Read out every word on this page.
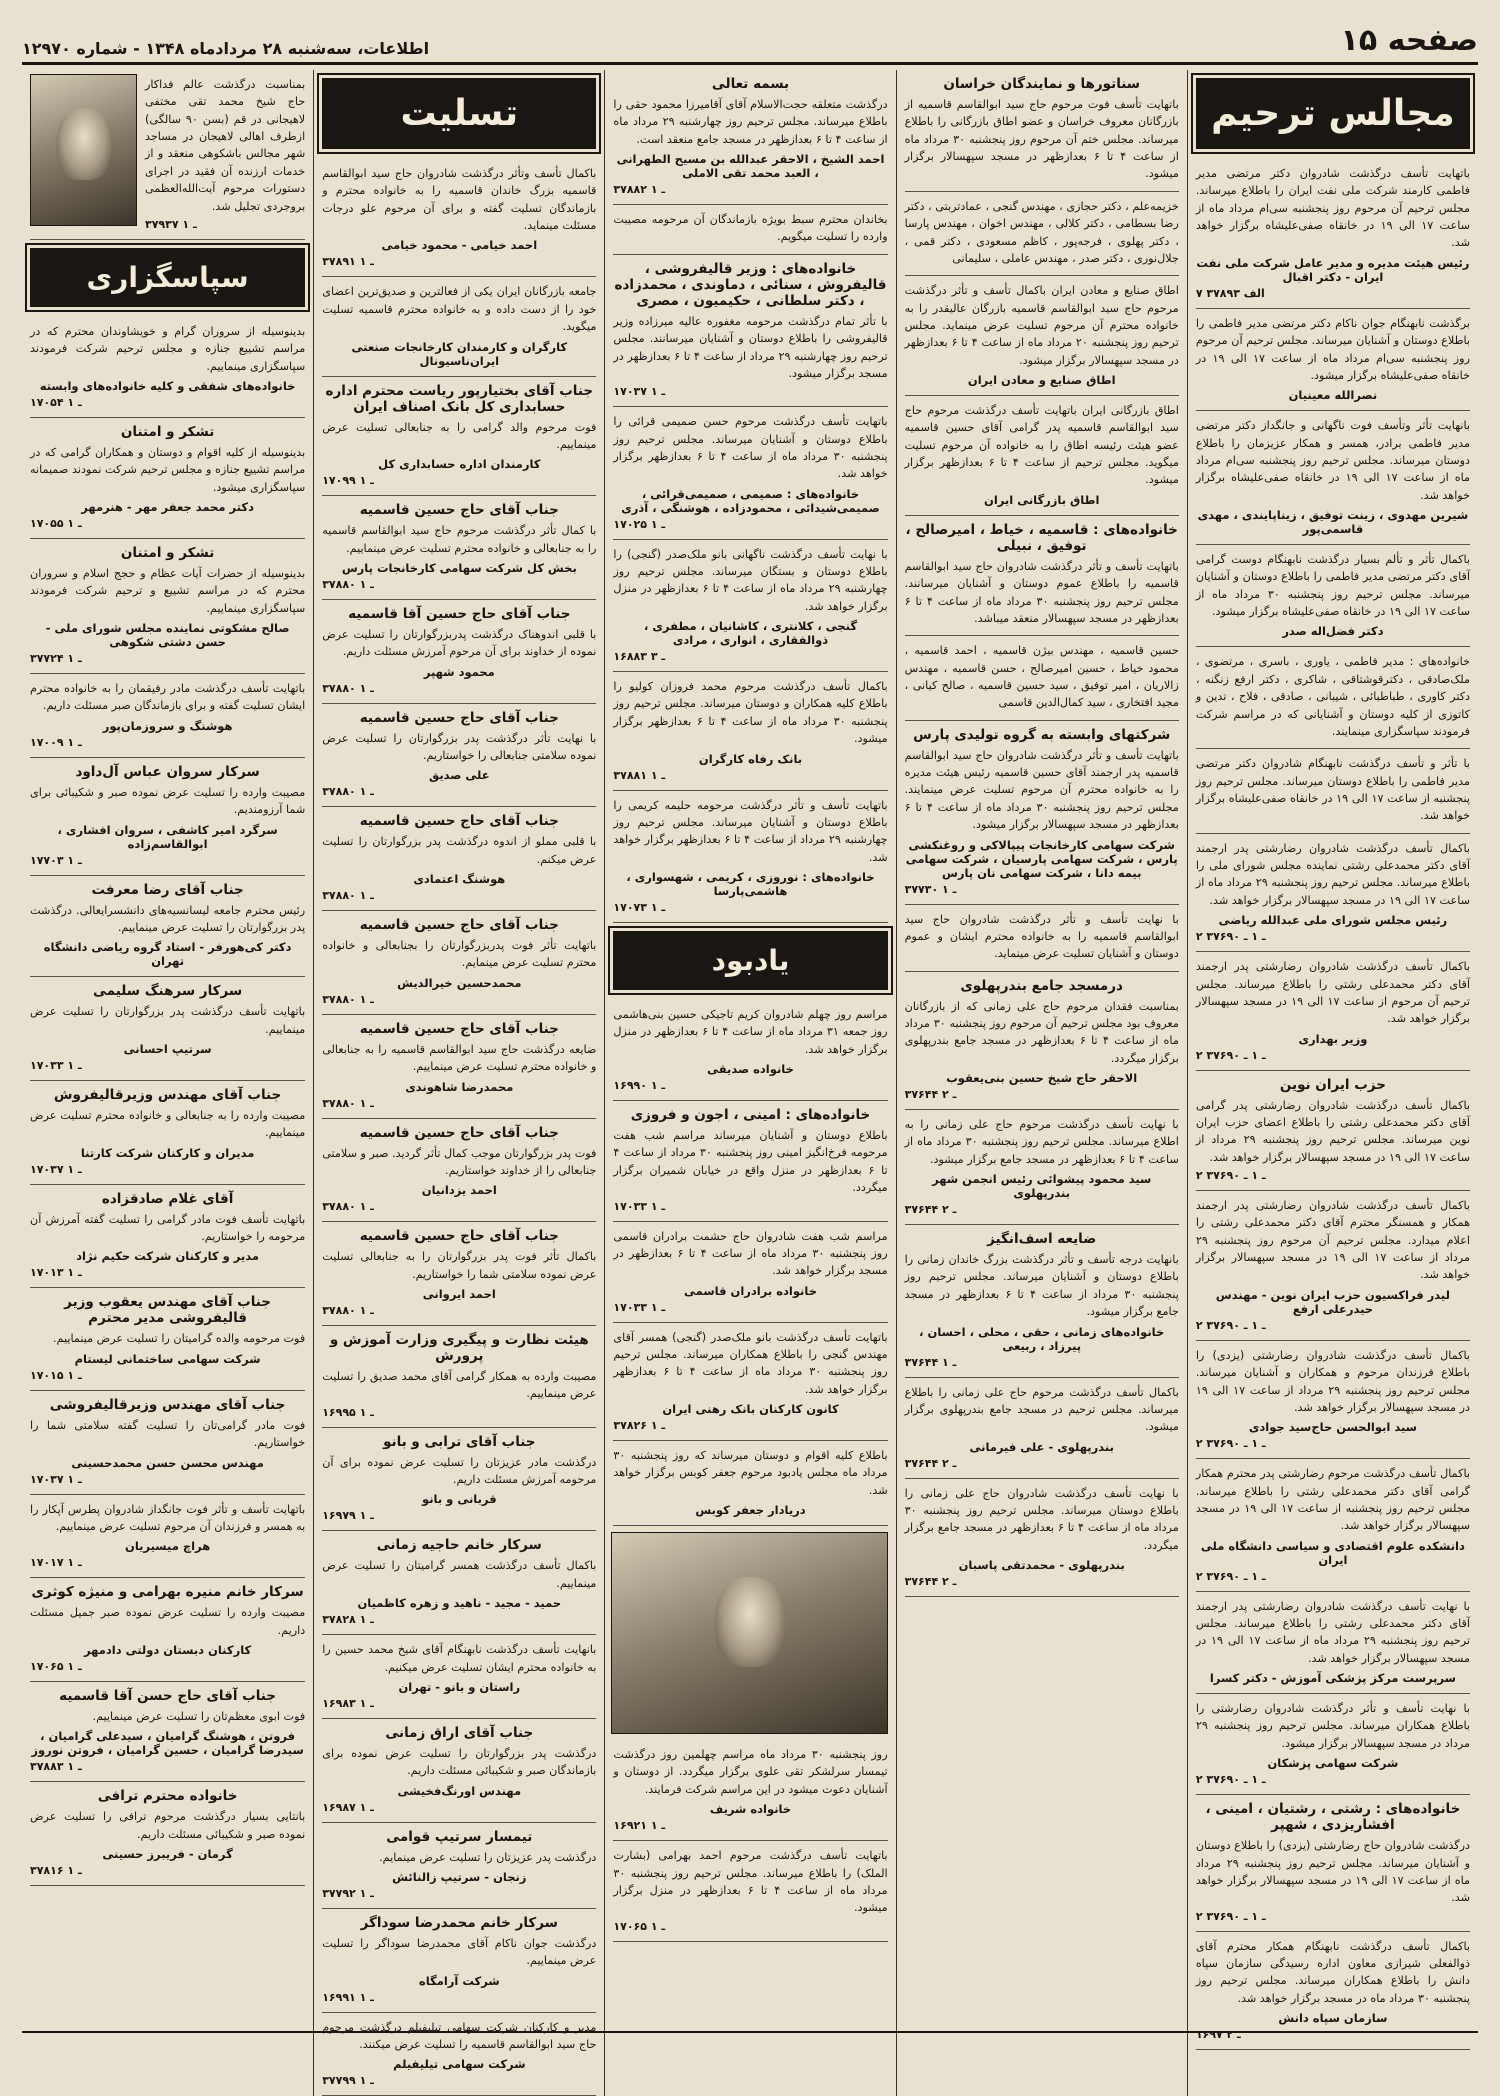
صفحه ۱۵
اطلاعات، سه‌شنبه ۲۸ مردادماه ۱۳۴۸ - شماره ۱۲۹۷۰
مجالس ترحیم

باتهایت تأسف درگذشت شادروان دکتر مرتضی مدیر فاطمی کارمند شرکت ملی نفت ایران را باطلاع میرساند. مجلس ترحیم آن مرحوم روز پنجشنبه سی‌ام مرداد ماه از ساعت ۱۷ الی ۱۹ در خانقاه صفی‌علیشاه برگزار خواهد شد.

رئیس هیئت مدیره و مدیر عامل شرکت ملی نفت ایران - دکتر اقبال
۷ الف ۳۷۸۹۳

برگذشت نابهنگام جوان ناکام دکتر مرتضی مدیر فاطمی را باطلاع دوستان و آشنایان میرساند. مجلس ترحیم آن مرحوم روز پنجشنبه سی‌ام مرداد ماه از ساعت ۱۷ الی ۱۹ در خانقاه صفی‌علیشاه برگزار میشود.

نصرالله معینیان

بانهایت تأثر وتأسف فوت ناگهانی و جانگداز دکتر مرتضی مدیر فاطمی برادر، همسر و همکار عزیزمان را باطلاع دوستان میرساند. مجلس ترحیم روز پنجشنبه سی‌ام مرداد ماه از ساعت ۱۷ الی ۱۹ در خانقاه صفی‌علیشاه برگزار خواهد شد.

شیرین مهدوی ، زینت توفیق ، زیناپایندی ، مهدی قاسمی‌پور

باکمال تأثر و تألم بسیار درگذشت نابهنگام دوست گرامی آقای دکتر مرتضی مدیر فاطمی را باطلاع دوستان و آشنایان میرساند. مجلس ترحیم روز پنجشنبه ۳۰ مرداد ماه از ساعت ۱۷ الی ۱۹ در خانقاه صفی‌علیشاه برگزار میشود.

دکتر فضل‌اله صدر

خانواده‌های : مدیر فاطمی ، یاوری ، باسری ، مرتضوی ، ملک‌صادقی ، دکترقوشتاقی ، شاکری ، دکتر ارفع زنگنه ، دکتر کاوری ، طباطبائی ، شیبانی ، صادقی ، فلاح ، تدین و کاتوزی از کلیه دوستان و آشنایانی که در مراسم شرکت فرمودند سپاسگزاری مینمایند.

با تأثر و تأسف درگذشت نابهنگام شادروان دکتر مرتضی مدیر فاطمی را باطلاع دوستان میرساند. مجلس ترحیم روز پنجشنبه از ساعت ۱۷ الی ۱۹ در خانقاه صفی‌علیشاه برگزار خواهد شد.

باکمال تأسف درگذشت شادروان رضارشتی پدر ارجمند آقای دکتر محمدعلی رشتی نماینده مجلس شورای ملی را باطلاع میرساند. مجلس ترحیم روز پنجشنبه ۲۹ مرداد ماه از ساعت ۱۷ الی ۱۹ در مسجد سپهسالار برگزار خواهد شد.

رئیس مجلس شورای ملی عبدالله ریاضی
۲ ـ ۱ ـ ۳۷۶۹۰

باکمال تأسف درگذشت شادروان رضارشتی پدر ارجمند آقای دکتر محمدعلی رشتی را باطلاع میرساند. مجلس ترحیم آن مرحوم از ساعت ۱۷ الی ۱۹ در مسجد سپهسالار برگزار خواهد شد.

وزیر بهداری
۲ ـ ۱ ـ ۳۷۶۹۰
حزب ایران نوین

باکمال تأسف درگذشت شادروان رضارشتی پدر گرامی آقای دکتر محمدعلی رشتی را باطلاع اعضای حزب ایران نوین میرساند. مجلس ترحیم روز پنجشنبه ۲۹ مرداد از ساعت ۱۷ الی ۱۹ در مسجد سپهسالار برگزار خواهد شد.

۲ ـ ۱ ـ ۳۷۶۹۰

باکمال تأسف درگذشت شادروان رضارشتی پدر ارجمند همکار و همسنگر محترم آقای دکتر محمدعلی رشتی را اعلام میدارد. مجلس ترحیم آن مرحوم روز پنجشنبه ۲۹ مرداد از ساعت ۱۷ الی ۱۹ در مسجد سپهسالار برگزار خواهد شد.

لیدر فراکسیون حزب ایران نوین - مهندس حیدرعلی ارفع
۲ ـ ۱ ـ ۳۷۶۹۰

باکمال تأسف درگذشت شادروان رضارشتی (یزدی) را باطلاع فرزندان مرحوم و همکاران و آشنایان میرساند. مجلس ترحیم روز پنجشنبه ۲۹ مرداد از ساعت ۱۷ الی ۱۹ در مسجد سپهسالار برگزار خواهد شد.

سید ابوالحسن حاج‌سید جوادی
۲ ـ ۱ ـ ۳۷۶۹۰

باکمال تأسف درگذشت مرحوم رضارشتی پدر محترم همکار گرامی آقای دکتر محمدعلی رشتی را باطلاع میرساند. مجلس ترحیم روز پنجشنبه از ساعت ۱۷ الی ۱۹ در مسجد سپهسالار برگزار خواهد شد.

دانشکده علوم اقتصادی و سیاسی دانشگاه ملی ایران
۲ ـ ۱ ـ ۳۷۶۹۰

با نهایت تأسف درگذشت شادروان رضارشتی پدر ارجمند آقای دکتر محمدعلی رشتی را باطلاع میرساند. مجلس ترحیم روز پنجشنبه ۲۹ مرداد ماه از ساعت ۱۷ الی ۱۹ در مسجد سپهسالار برگزار خواهد شد.

سرپرست مرکز پزشکی آموزش - دکتر کسرا

با نهایت تأسف و تأثر درگذشت شادروان رضارشتی را باطلاع همکاران میرساند. مجلس ترحیم روز پنجشنبه ۲۹ مرداد در مسجد سپهسالار برگزار میشود.

شرکت سهامی پزشکان
۲ ـ ۱ ـ ۳۷۶۹۰
خانواده‌های : رشتی ، رشتیان ، امینی ، افشاریزدی ، شهپر

درگذشت شادروان حاج رضارشتی (یزدی) را باطلاع دوستان و آشنایان میرساند. مجلس ترحیم روز پنجشنبه ۲۹ مرداد ماه از ساعت ۱۷ الی ۱۹ در مسجد سپهسالار برگزار خواهد شد.

۲ ـ ۱ ـ ۳۷۶۹۰

باکمال تأسف درگذشت نابهنگام همکار محترم آقای ذوالفعلی شیرازی معاون اداره رسیدگی سازمان سپاه دانش را باطلاع همکاران میرساند. مجلس ترحیم روز پنجشنبه ۳۰ مرداد ماه در مسجد برگزار خواهد شد.

سازمان سپاه دانش
۱۶۹۷ ـ ۲
سناتورها و نمایندگان خراسان

باتهایت تأسف فوت مرحوم حاج سید ابوالقاسم قاسمیه از بازرگانان معروف خراسان و عضو اطاق بازرگانی را باطلاع میرساند. مجلس ختم آن مرحوم روز پنجشنبه ۳۰ مرداد ماه از ساعت ۴ تا ۶ بعدازظهر در مسجد سپهسالار برگزار میشود.

خزیمه‌علم ، دکتر حجازی ، مهندس گنجی ، عمادتربتی ، دکتر رضا بسطامی ، دکتر کلالی ، مهندس اخوان ، مهندس پارسا ، دکتر پهلوی ، فرجه‌پور ، کاظم مسعودی ، دکتر قمی ، جلال‌نوری ، دکتر صدر ، مهندس عاملی ، سلیمانی

اطاق صنایع و معادن ایران باکمال تأسف و تأثر درگذشت مرحوم حاج سید ابوالقاسم قاسمیه بازرگان عالیقدر را به خانواده محترم آن مرحوم تسلیت عرض مینماید. مجلس ترحیم روز پنجشنبه ۲۰ مرداد ماه از ساعت ۴ تا ۶ بعدازظهر در مسجد سپهسالار برگزار میشود.

اطاق صنایع و معادن ایران

اطاق بازرگانی ایران باتهایت تأسف درگذشت مرحوم حاج سید ابوالقاسم قاسمیه پدر گرامی آقای حسین قاسمیه عضو هیئت رئیسه اطاق را به خانواده آن مرحوم تسلیت میگوید. مجلس ترحیم از ساعت ۴ تا ۶ بعدازظهر برگزار میشود.

اطاق بازرگانی ایران
خانواده‌های : قاسمیه ، خیاط ، امیرصالح ، توفیق ، نبیلی

باتهایت تأسف و تأثر درگذشت شادروان حاج سید ابوالقاسم قاسمیه را باطلاع عموم دوستان و آشنایان میرسانند. مجلس ترحیم روز پنجشنبه ۳۰ مرداد ماه از ساعت ۴ تا ۶ بعدازظهر در مسجد سپهسالار منعقد میباشد.

حسین قاسمیه ، مهندس بیژن قاسمیه ، احمد قاسمیه ، محمود خیاط ، حسین امیرصالح ، حسن قاسمیه ، مهندس زالاریان ، امیر توفیق ، سید حسین قاسمیه ، صالح کیانی ، مجید افتخاری ، سید کمال‌الدین قاسمی

شرکتهای وابسته به گروه تولیدی پارس

باتهایت تأسف و تأثر درگذشت شادروان حاج سید ابوالقاسم قاسمیه پدر ارجمند آقای حسین قاسمیه رئیس هیئت مدیره را به خانواده محترم آن مرحوم تسلیت عرض مینمایند. مجلس ترحیم روز پنجشنبه ۳۰ مرداد ماه از ساعت ۴ تا ۶ بعدازظهر در مسجد سپهسالار برگزار میشود.

شرکت سهامی کارخانجات پیپالاکی و روغنکشی پارس ، شرکت سهامی پارسیان ، شرکت سهامی بیمه دانا ، شرکت سهامی نان پارس
۳۷۷۳۰ ـ ۱

با نهایت تأسف و تأثر درگذشت شادروان حاج سید ابوالقاسم قاسمیه را به خانواده محترم ایشان و عموم دوستان و آشنایان تسلیت عرض مینماید.

درمسجد جامع بندرپهلوی

بمناسبت فقدان مرحوم حاج علی زمانی که از بازرگانان معروف بود مجلس ترحیم آن مرحوم روز پنجشنبه ۳۰ مرداد ماه از ساعت ۴ تا ۶ بعدازظهر در مسجد جامع بندرپهلوی برگزار میگردد.

الاحقر حاج شیخ حسین بنی‌یعقوب
۳۷۶۴۴ ـ ۲

با نهایت تأسف درگذشت مرحوم حاج علی زمانی را به اطلاع میرساند. مجلس ترحیم روز پنجشنبه ۳۰ مرداد ماه از ساعت ۴ تا ۶ بعدازظهر در مسجد جامع برگزار میشود.

سید محمود پیشوائی رئیس انجمن شهر بندرپهلوی
۳۷۶۴۴ ـ ۲
ضایعه اسف‌انگیز

بانهایت درجه تأسف و تأثر درگذشت بزرگ خاندان زمانی را باطلاع دوستان و آشنایان میرساند. مجلس ترحیم روز پنجشنبه ۳۰ مرداد از ساعت ۴ تا ۶ بعدازظهر در مسجد جامع برگزار میشود.

خانواده‌های زمانی ، حقی ، محلی ، احسان ، پیرزاد ، ربیعی
۳۷۶۴۴ ـ ۱

باکمال تأسف درگذشت مرحوم حاج علی زمانی را باطلاع میرساند. مجلس ترحیم در مسجد جامع بندرپهلوی برگزار میشود.

بندرپهلوی - علی فیرمانی
۳۷۶۴۴ ـ ۲

با نهایت تأسف درگذشت شادروان حاج علی زمانی را باطلاع دوستان میرساند. مجلس ترحیم روز پنجشنبه ۳۰ مرداد ماه از ساعت ۴ تا ۶ بعدازظهر در مسجد جامع برگزار میگردد.

بندرپهلوی - محمدتقی پاسبان
۳۷۶۴۴ ـ ۲
بسمه تعالی

درگذشت متعلقه حجت‌الاسلام آقای آقامیرزا محمود حقی را باطلاع میرساند. مجلس ترحیم روز چهارشنبه ۲۹ مرداد ماه از ساعت ۴ تا ۶ بعدازظهر در مسجد جامع منعقد است.

احمد الشیخ ، الاحقر عبدالله بن مسیح الطهرانی ، العبد محمد تقی الاملی
۳۷۸۸۲ ـ ۱

بخاندان محترم سبط بویژه بازماندگان آن مرحومه مصیبت وارده را تسلیت میگویم.

خانواده‌های : وزیر قالیفروشی ، قالیفروش ، سنائی ، دماوندی ، محمدزاده ، دکتر سلطانی ، حکیمیون ، مصری

با تأثر تمام درگذشت مرحومه مغفوره عالیه میرزاده وزیر قالیفروشی را باطلاع دوستان و آشنایان میرسانند. مجلس ترحیم روز چهارشنبه ۲۹ مرداد از ساعت ۴ تا ۶ بعدازظهر در مسجد برگزار میشود.

۱۷۰۳۷ ـ ۱

باتهایت تأسف درگذشت مرحوم حسن صمیمی قرائی را باطلاع دوستان و آشنایان میرساند. مجلس ترحیم روز پنجشنبه ۳۰ مرداد ماه از ساعت ۴ تا ۶ بعدازظهر برگزار خواهد شد.

خانواده‌های : صمیمی ، صمیمی‌قرائی ، صمیمی‌شیدائی ، محمودزاده ، هوشنگی ، آذری
۱۷۰۲۵ ـ ۱

با نهایت تأسف درگذشت ناگهانی بانو ملک‌صدر (گنجی) را باطلاع دوستان و بستگان میرساند. مجلس ترحیم روز چهارشنبه ۲۹ مرداد ماه از ساعت ۴ تا ۶ بعدازظهر در منزل برگزار خواهد شد.

گنجی ، کلانتری ، کاشانیان ، مطفری ، ذوالفقاری ، انواری ، مرادی
۱۶۸۸۳ ـ ۳

باکمال تأسف درگذشت مرحوم محمد فروزان کولیو را باطلاع کلیه همکاران و دوستان میرساند. مجلس ترحیم روز پنجشنبه ۳۰ مرداد ماه از ساعت ۴ تا ۶ بعدازظهر برگزار میشود.

بانک رفاه کارگران
۳۷۸۸۱ ـ ۱

باتهایت تأسف و تأثر درگذشت مرحومه حلیمه کریمی را باطلاع دوستان و آشنایان میرساند. مجلس ترحیم روز چهارشنبه ۲۹ مرداد از ساعت ۴ تا ۶ بعدازظهر برگزار خواهد شد.

خانواده‌های : نوروزی ، کریمی ، شهسواری ، هاشمی‌پارسا
۱۷۰۷۳ ـ ۱
یادبود

مراسم روز چهلم شادروان کریم تاجیکی حسین بنی‌هاشمی روز جمعه ۳۱ مرداد ماه از ساعت ۴ تا ۶ بعدازظهر در منزل برگزار خواهد شد.

خانواده صدیقی
۱۶۹۹۰ ـ ۱
خانواده‌های : امینی ، اجون و فروزی

باطلاع دوستان و آشنایان میرساند مراسم شب هفت مرحومه فرخ‌انگیز امینی روز پنجشنبه ۳۰ مرداد از ساعت ۴ تا ۶ بعدازظهر در منزل واقع در خیابان شمیران برگزار میگردد.

۱۷۰۳۳ ـ ۱

مراسم شب هفت شادروان حاج حشمت برادران قاسمی روز پنجشنبه ۳۰ مرداد ماه از ساعت ۴ تا ۶ بعدازظهر در مسجد برگزار خواهد شد.

خانواده برادران قاسمی
۱۷۰۳۳ ـ ۱

باتهایت تأسف درگذشت بانو ملک‌صدر (گنجی) همسر آقای مهندس گنجی را باطلاع همکاران میرساند. مجلس ترحیم روز پنجشنبه ۳۰ مرداد ماه از ساعت ۴ تا ۶ بعدازظهر برگزار خواهد شد.

کانون کارکنان بانک رهنی ایران
۳۷۸۲۶ ـ ۱

باطلاع کلیه اقوام و دوستان میرساند که روز پنجشنبه ۳۰ مرداد ماه مجلس یادبود مرحوم جعفر کوبس برگزار خواهد شد.

دریادار جعفر کوبس

روز پنجشنبه ۳۰ مرداد ماه مراسم چهلمین روز درگذشت تیمسار سرلشکر تقی علوی برگزار میگردد. از دوستان و آشنایان دعوت میشود در این مراسم شرکت فرمایند.

خانواده شریف
۱۶۹۲۱ ـ ۱

باتهایت تأسف درگذشت مرحوم احمد بهرامی (بشارت الملک) را باطلاع میرساند. مجلس ترحیم روز پنجشنبه ۳۰ مرداد ماه از ساعت ۴ تا ۶ بعدازظهر در منزل برگزار میشود.

۱۷۰۶۵ ـ ۱
تسلیت

باکمال تأسف وتأثر درگذشت شادروان حاج سید ابوالقاسم قاسمیه بزرگ خاندان قاسمیه را به خانواده محترم و بازماندگان تسلیت گفته و برای آن مرحوم علو درجات مسئلت مینماید.

احمد خیامی - محمود خیامی
۳۷۸۹۱ ـ ۱

جامعه بازرگانان ایران یکی از فعالترین و صدیق‌ترین اعضای خود را از دست داده و به خانواده محترم قاسمیه تسلیت میگوید.

کارگران و کارمندان کارخانجات صنعتی ایران‌ناسیونال
جناب آقای بختیارپور ریاست محترم اداره حسابداری کل بانک اصناف ایران

فوت مرحوم والد گرامی را به جنابعالی تسلیت عرض مینماییم.

کارمندان اداره حسابداری کل
۱۷۰۹۹ ـ ۱
جناب آقای حاج حسین قاسمیه

با کمال تأثر درگذشت مرحوم حاج سید ابوالقاسم قاسمیه را به جنابعالی و خانواده محترم تسلیت عرض مینماییم.

بخش کل شرکت سهامی کارخانجات پارس
۳۷۸۸۰ ـ ۱
جناب آقای حاج حسین آقا قاسمیه

با قلبی اندوهناک درگذشت پدربزرگوارتان را تسلیت عرض نموده از خداوند برای آن مرحوم آمرزش مسئلت داریم.

محمود شهپر
۳۷۸۸۰ ـ ۱
جناب آقای حاج حسین قاسمیه

با نهایت تأثر درگذشت پدر بزرگوارتان را تسلیت عرض نموده سلامتی جنابعالی را خواستاریم.

علی صدیق
۳۷۸۸۰ ـ ۱
جناب آقای حاج حسین قاسمیه

با قلبی مملو از اندوه درگذشت پدر بزرگوارتان را تسلیت عرض میکنم.

هوشنگ اعتمادی
۳۷۸۸۰ ـ ۱
جناب آقای حاج حسین قاسمیه

باتهایت تأثر فوت پدربزرگوارتان را بجنابعالی و خانواده محترم تسلیت عرض مینمایم.

محمدحسین خیرالدیش
۳۷۸۸۰ ـ ۱
جناب آقای حاج حسین قاسمیه

ضایعه درگذشت حاج سید ابوالقاسم قاسمیه را به جنابعالی و خانواده محترم تسلیت عرض مینماییم.

محمدرضا شاهوندی
۳۷۸۸۰ ـ ۱
جناب آقای حاج حسین قاسمیه

فوت پدر بزرگوارتان موجب کمال تأثر گردید. صبر و سلامتی جنابعالی را از خداوند خواستاریم.

احمد یزدانیان
۳۷۸۸۰ ـ ۱
جناب آقای حاج حسین قاسمیه

باکمال تأثر فوت پدر بزرگوارتان را به جنابعالی تسلیت عرض نموده سلامتی شما را خواستاریم.

احمد ایروانی
۳۷۸۸۰ ـ ۱
هیئت نظارت و پیگیری وزارت آموزش و پرورش

مصیبت وارده به همکار گرامی آقای محمد صدیق را تسلیت عرض مینماییم.

۱۶۹۹۵ ـ ۱
جناب آقای ترابی و بانو

درگذشت مادر عزیزتان را تسلیت عرض نموده برای آن مرحومه آمرزش مسئلت داریم.

قربانی و بانو
۱۶۹۷۹ ـ ۱
سرکار خانم حاجیه زمانی

باکمال تأسف درگذشت همسر گرامیتان را تسلیت عرض مینماییم.

حمید - مجید - ناهید و زهره کاظمیان
۳۷۸۲۸ ـ ۱

بانهایت تأسف درگذشت نابهنگام آقای شیخ محمد حسین را به خانواده محترم ایشان تسلیت عرض میکنیم.

راستان و بانو - تهران
۱۶۹۸۳ ـ ۱
جناب آقای اراق زمانی

درگذشت پدر بزرگوارتان را تسلیت عرض نموده برای بازماندگان صبر و شکیبائی مسئلت داریم.

مهندس اورنگ‌فخیشی
۱۶۹۸۷ ـ ۱
تیمسار سرتیپ قوامی

درگذشت پدر عزیزتان را تسلیت عرض مینمایم.

زنجان - سرتیپ زالنائش
۳۷۷۹۲ ـ ۱
سرکار خانم محمدرضا سوداگر

درگذشت جوان ناکام آقای محمدرضا سوداگر را تسلیت عرض مینماییم.

شرکت آرامگاه
۱۶۹۹۱ ـ ۱

مدیر و کارکنان شرکت سهامی تیلیفیلم درگذشت مرحوم حاج سید ابوالقاسم قاسمیه را تسلیت عرض میکنند.

شرکت سهامی تیلیفیلم
۳۷۷۹۹ ـ ۱

بمناسبت درگذشت عالم فداکار حاج شیخ محمد تقی مختفی لاهیجانی در قم (بسن ۹۰ سالگی) ازطرف اهالی لاهیجان در مساجد شهر مجالس باشکوهی منعقد و از خدمات ارزنده آن فقید در اجرای دستورات مرحوم آیت‌الله‌العظمی بروجردی تجلیل شد.

۳۷۹۳۷ ـ ۱
سپاسگزاری

بدینوسیله از سروران گرام و خویشاوندان محترم که در مراسم تشییع جنازه و مجلس ترحیم شرکت فرمودند سپاسگزاری مینماییم.

خانواده‌های شفقی و کلیه خانواده‌های وابسته
۱۷۰۵۴ ـ ۱
تشکر و امتنان

بدینوسیله از کلیه اقوام و دوستان و همکاران گرامی که در مراسم تشییع جنازه و مجلس ترحیم شرکت نمودند صمیمانه سپاسگزاری میشود.

دکتر محمد جعفر مهر - هنرمهر
۱۷۰۵۵ ـ ۱
تشکر و امتنان

بدینوسیله از حضرات آیات عظام و حجج اسلام و سروران محترم که در مراسم تشییع و ترحیم شرکت فرمودند سپاسگزاری مینماییم.

صالح مشکوتی نماینده مجلس شورای ملی - حسن دشتی شکوهی
۳۷۷۲۴ ـ ۱

باتهایت تأسف درگذشت مادر رفیقمان را به خانواده محترم ایشان تسلیت گفته و برای بازماندگان صبر مسئلت داریم.

هوشنگ و سروزمان‌پور
۱۷۰۰۹ ـ ۱
سرکار سروان عباس آل‌داود

مصیبت وارده را تسلیت عرض نموده صبر و شکیبائی برای شما آرزومندیم.

سرگرد امیر کاشفی ، سروان افشاری ، ابوالقاسم‌زاده
۱۷۷۰۳ ـ ۱
جناب آقای رضا معرفت

رئیس محترم جامعه لیسانسیه‌های دانشسرایعالی. درگذشت پدر بزرگوارتان را تسلیت عرض مینماییم.

دکتر کی‌هورفر - استاد گروه ریاضی دانشگاه تهران
سرکار سرهنگ سلیمی

باتهایت تأسف درگذشت پدر بزرگوارتان را تسلیت عرض مینماییم.

سرتیپ احسانی
۱۷۰۳۳ ـ ۱
جناب آقای مهندس وزیرقالیفروش

مصیبت وارده را به جنابعالی و خانواده محترم تسلیت عرض مینماییم.

مدیران و کارکنان شرکت کارتنا
۱۷۰۳۷ ـ ۱
آقای غلام صادقزاده

باتهایت تأسف فوت مادر گرامی را تسلیت گفته آمرزش آن مرحومه را خواستاریم.

مدیر و کارکنان شرکت حکیم نژاد
۱۷۰۱۳ ـ ۱
جناب آقای مهندس یعقوب وزیر قالیفروشی مدیر محترم

فوت مرحومه والده گرامیتان را تسلیت عرض مینماییم.

شرکت سهامی ساختمانی لیستام
۱۷۰۱۵ ـ ۱
جناب آقای مهندس وزیرقالیفروشی

فوت مادر گرامی‌تان را تسلیت گفته سلامتی شما را خواستاریم.

مهندس محسن حسن محمدحسینی
۱۷۰۳۷ ـ ۱

باتهایت تأسف و تأثر فوت جانگداز شادروان پطرس آپکار را به همسر و فرزندان آن مرحوم تسلیت عرض مینماییم.

هراچ میسیریان
۱۷۰۱۷ ـ ۱
سرکار خانم منیره بهرامی و منیژه کوثری

مصیبت وارده را تسلیت عرض نموده صبر جمیل مسئلت داریم.

کارکنان دبستان دولتی دادمهر
۱۷۰۶۵ ـ ۱
جناب آقای حاج حسن آقا قاسمیه

فوت ابوی معظم‌تان را تسلیت عرض مینماییم.

فروتن ، هوشنگ گرامیان ، سیدعلی گرامیان ، سیدرضا گرامیان ، حسین گرامیان ، فروتن نوروز
۳۷۸۸۳ ـ ۱
خانواده محترم ترافی

بانتایی بسیار درگذشت مرحوم ترافی را تسلیت عرض نموده صبر و شکیبائی مسئلت داریم.

گرمان - فریبرز حسینی
۳۷۸۱۶ ـ ۱
